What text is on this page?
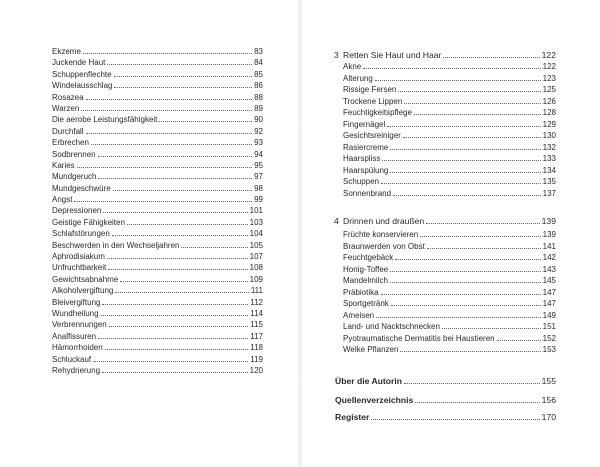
Ekzeme	83
Juckende Haut	84
Schuppenflechte	85
Windelausschlag	86
Rosazea	88
Warzen	89
Die aerobe Leistungsfähigkeit	90
Durchfall	92
Erbrechen	93
Sodbrennen	94
Karies	95
Mundgeruch	97
Mundgeschwüre	98
Angst	99
Depressionen	101
Geistige Fähigkeiten	103
Schlafstörungen	104
Beschwerden in den Wechseljahren	105
Aphrodisiakum	107
Unfruchtbarkeit	108
Gewichtsabnahme	109
Alkoholvergiftung	111
Bleivergiftung	112
Wundheilung	114
Verbrennungen	115
Analfissuren	117
Hämorrhoiden	118
Schluckauf	119
Rehydrierung	120
3 Retten Sie Haut und Haar	122
Akne	122
Alterung	123
Rissige Fersen	125
Trockene Lippen	126
Feuchtigkeitspflege	128
Fingernägel	129
Gesichtsreiniger	130
Rasiercreme	132
Haarspliss	133
Haarspülung	134
Schuppen	135
Sonnenbrand	137
4 Drinnen und draußen	139
Früchte konservieren	139
Braunwerden von Obst	141
Feuchtgebäck	142
Honig-Toffee	143
Mandelmilch	145
Präbiotika	147
Sportgetränk	147
Ameisen	149
Land- und Nacktschnecken	151
Pyotraumatische Dermatitis bei Haustieren	152
Welke Pflanzen	153
Über die Autorin	155
Quellenverzeichnis	156
Register	170
